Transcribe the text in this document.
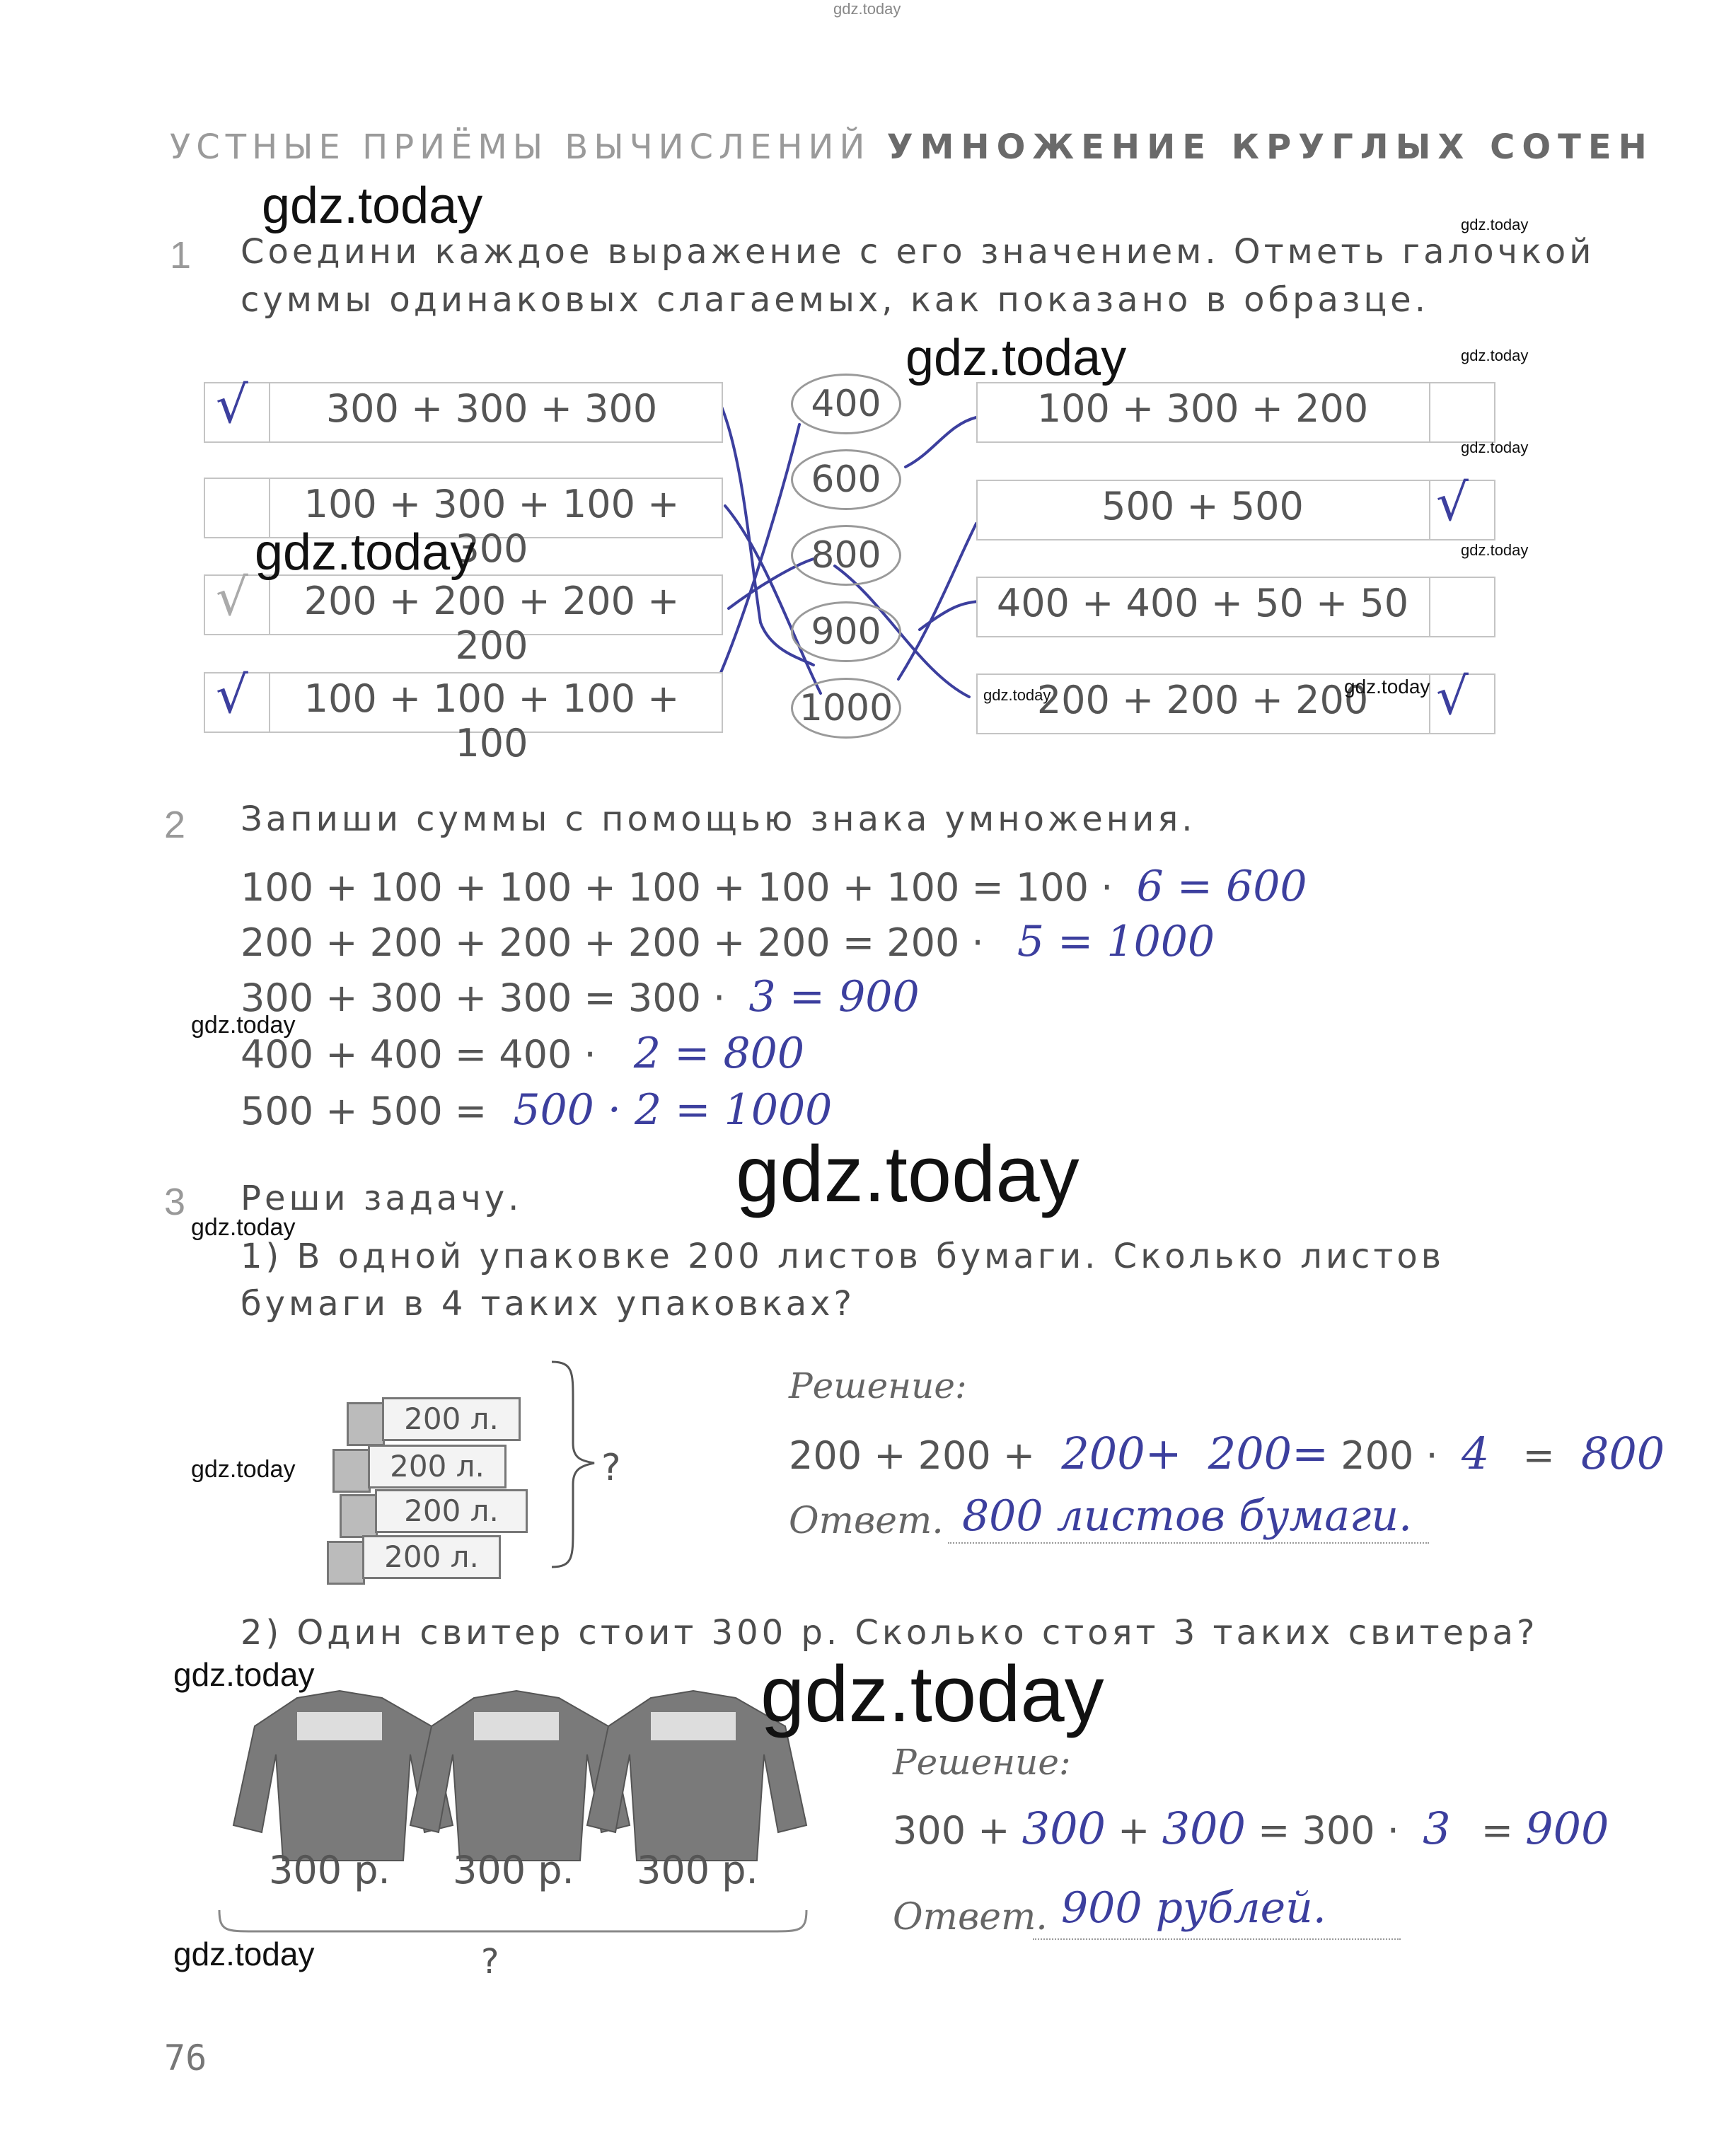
gdz.today
УСТНЫЕ ПРИЁМЫ ВЫЧИСЛЕНИЙ УМНОЖЕНИЕ КРУГЛЫХ СОТЕН
1 Соедини каждое выражение с его значением. Отметь галочкой
суммы одинаковых слагаемых, как показано в образце.
√	300 + 300 + 300
100 + 300 + 100 + 300
√	200 + 200 + 200 + 200
√	100 + 100 + 100 + 100
400
600
800
900
1000
100 + 300 + 200
500 + 500	√
400 + 400 + 50 + 50
200 + 200 + 200	√
2 Запиши суммы с помощью знака умножения.
100 + 100 + 100 + 100 + 100 + 100 = 100 · 6 = 600
200 + 200 + 200 + 200 + 200 = 200 · 5 = 1000
300 + 300 + 300 = 300 · 3 = 900
400 + 400 = 400 · 2 = 800
500 + 500 = 500 · 2 = 1000
3 Реши задачу.
1) В одной упаковке 200 листов бумаги. Сколько листов
бумаги в 4 таких упаковках?
200 л.
200 л.
200 л.
200 л.
?
Решение:
200 + 200 + 200+ 200= 200 · 4 = 800
Ответ. 800 листов бумаги.
2) Один свитер стоит 300 р. Сколько стоят 3 таких свитера?
300 р. 300 р. 300 р.
?
Решение:
300 + 300 + 300 = 300 · 3 = 900
Ответ. 900 рублей.
76
gdz.today	gdz.today
gdz.today	gdz.today
gdz.today
gdz.today	gdz.today
gdz.today	gdz.today
gdz.today
gdz.today
gdz.today
gdz.today
gdz.today
gdz.today
gdz.today
